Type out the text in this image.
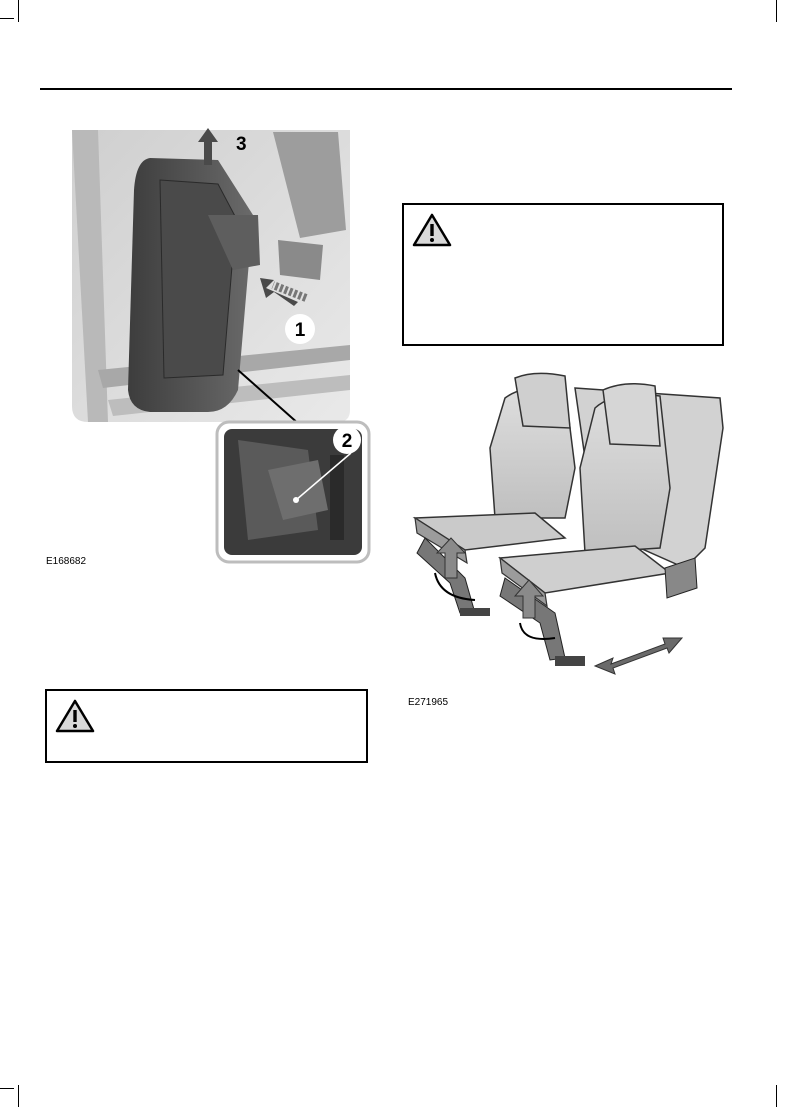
1
3
2
E168682
E271965
